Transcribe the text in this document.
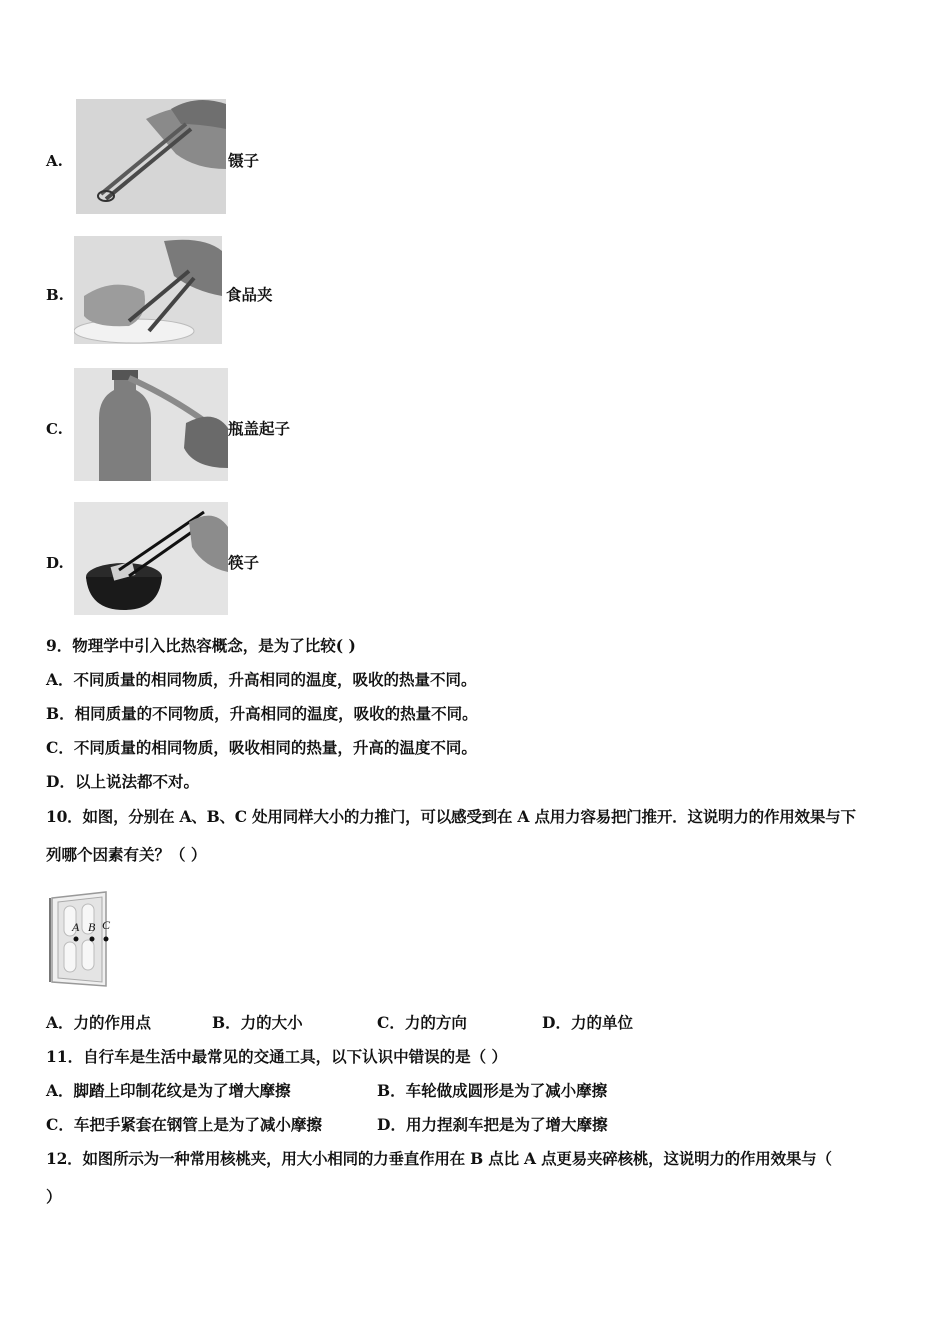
A.	镊子
B.	食品夹
C.	瓶盖起子
D.	筷子
9．物理学中引入比热容概念，是为了比较( )
A．不同质量的相同物质，升高相同的温度，吸收的热量不同。
B．相同质量的不同物质，升高相同的温度，吸收的热量不同。
C．不同质量的相同物质，吸收相同的热量，升高的温度不同。
D．以上说法都不对。
10．如图，分别在 A、B、C 处用同样大小的力推门，可以感受到在 A 点用力容易把门推开．这说明力的作用效果与下
列哪个因素有关？（ ）
A B C
A．力的作用点	B．力的大小	C．力的方向	D．力的单位
11．自行车是生活中最常见的交通工具，以下认识中错误的是（ ）
A．脚踏上印制花纹是为了增大摩擦	B．车轮做成圆形是为了减小摩擦
C．车把手紧套在钢管上是为了减小摩擦	D．用力捏刹车把是为了增大摩擦
12．如图所示为一种常用核桃夹，用大小相同的力垂直作用在 B 点比 A 点更易夹碎核桃，这说明力的作用效果与（
）
